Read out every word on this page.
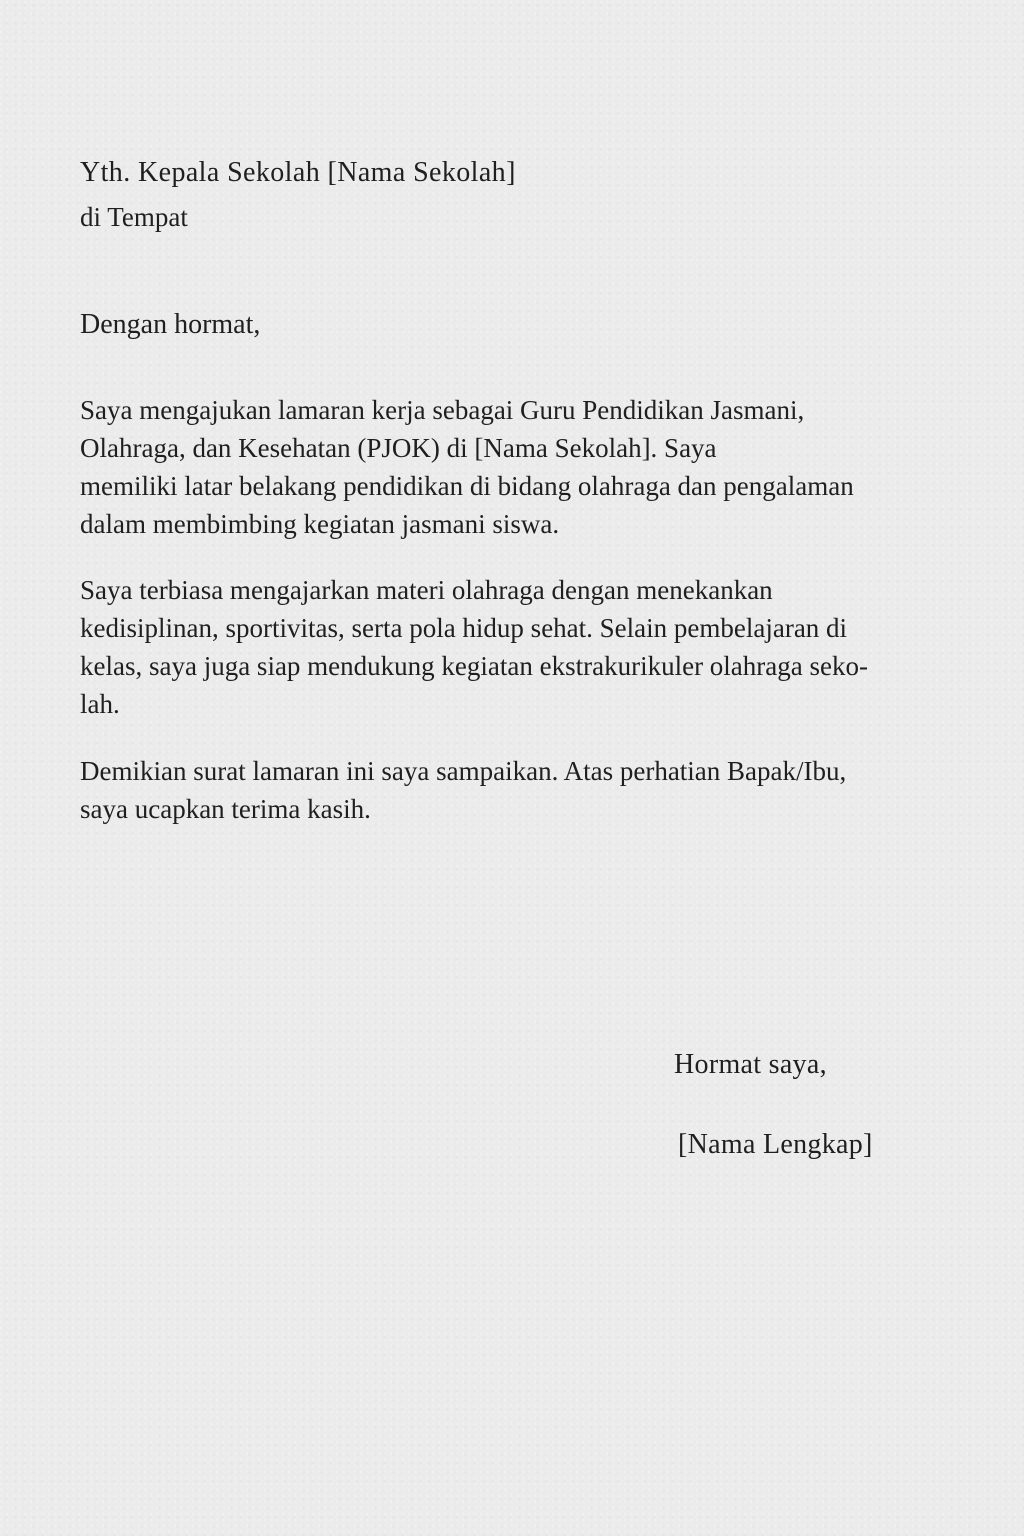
Yth. Kepala Sekolah [Nama Sekolah]
di Tempat
Dengan hormat,
Saya mengajukan lamaran kerja sebagai Guru Pendidikan Jasmani,
Olahraga, dan Kesehatan (PJOK) di [Nama Sekolah]. Saya
memiliki latar belakang pendidikan di bidang olahraga dan pengalaman
dalam membimbing kegiatan jasmani siswa.
Saya terbiasa mengajarkan materi olahraga dengan menekankan
kedisiplinan, sportivitas, serta pola hidup sehat. Selain pembelajaran di
kelas, saya juga siap mendukung kegiatan ekstrakurikuler olahraga seko-
lah.
Demikian surat lamaran ini saya sampaikan. Atas perhatian Bapak/Ibu,
saya ucapkan terima kasih.
Hormat saya,
[Nama Lengkap]
